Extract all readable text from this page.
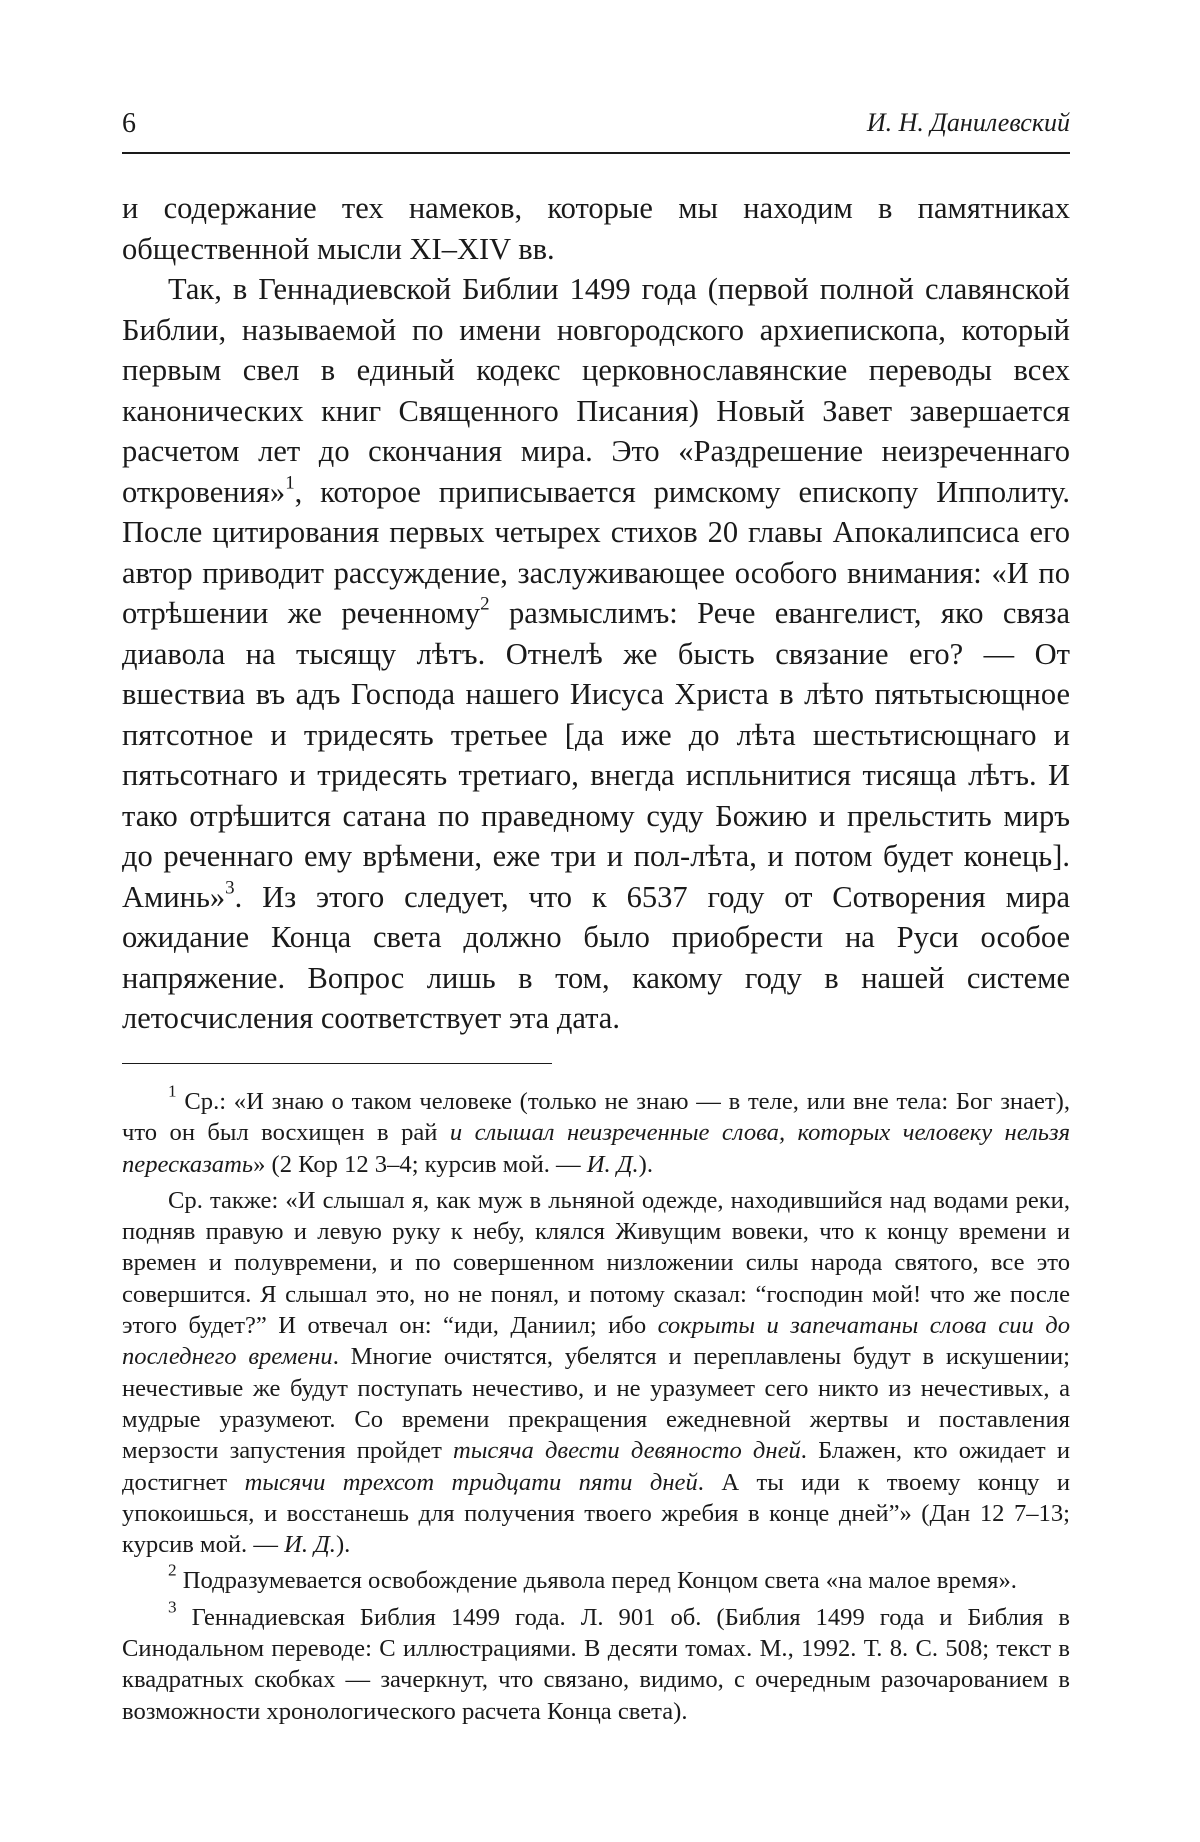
6	И. Н. Данилевский

и содержание тех намеков, которые мы находим в памятниках общественной мысли XI–XIV вв.

Так, в Геннадиевской Библии 1499 года (первой полной славянской Библии, называемой по имени новгородского архиепископа, который первым свел в единый кодекс церковнославянские переводы всех канонических книг Священного Писания) Новый Завет завершается расчетом лет до скончания мира. Это «Раздрешение неизреченнаго откровения»$^1$, которое приписывается римскому епископу Ипполиту. После цитирования первых четырех стихов 20 главы Апокалипсиса его автор приводит рассуждение, заслуживающее особого внимания: «И по отрѣшении же реченному$^2$ размыслимъ: Рече евангелист, яко связа диавола на тысящу лѣтъ. Отнелѣ же бысть связание его? — От вшествиа въ адъ Господа нашего Иисуса Христа в лѣто пятьтысющное пятсотное и тридесять третьее [да иже до лѣта шестьтисющнаго и пятьсотнаго и тридесять третиаго, внегда испльнитися тисяща лѣтъ. И тако отрѣшится сатана по праведному суду Божию и прельстить миръ до реченнаго ему врѣмени, еже три и пол-лѣта, и потом будет конець]. Аминь»$^3$. Из этого следует, что к 6537 году от Сотворения мира ожидание Конца света должно было приобрести на Руси особое напряжение. Вопрос лишь в том, какому году в нашей системе летосчисления соответствует эта дата.

$^1$ Ср.: «И знаю о таком человеке (только не знаю — в теле, или вне тела: Бог знает), что он был восхищен в рай и слышал неизреченные слова, которых человеку нельзя пересказать» (2 Кор 12 3–4; курсив мой. — И. Д.).

Ср. также: «И слышал я, как муж в льняной одежде, находившийся над водами реки, подняв правую и левую руку к небу, клялся Живущим вовеки, что к концу времени и времен и полувремени, и по совершенном низложении силы народа святого, все это совершится. Я слышал это, но не понял, и потому сказал: “господин мой! что же после этого будет?” И отвечал он: “иди, Даниил; ибо сокрыты и запечатаны слова сии до последнего времени. Многие очистятся, убелятся и переплавлены будут в искушении; нечестивые же будут поступать нечестиво, и не уразумеет сего никто из нечестивых, а мудрые уразумеют. Со времени прекращения ежедневной жертвы и поставления мерзости запустения пройдет тысяча двести девяносто дней. Блажен, кто ожидает и достигнет тысячи трехсот тридцати пяти дней. А ты иди к твоему концу и упокоишься, и восстанешь для получения твоего жребия в конце дней”» (Дан 12 7–13; курсив мой. — И. Д.).

$^2$ Подразумевается освобождение дьявола перед Концом света «на малое время».

$^3$ Геннадиевская Библия 1499 года. Л. 901 об. (Библия 1499 года и Библия в Синодальном переводе: С иллюстрациями. В десяти томах. М., 1992. Т. 8. С. 508; текст в квадратных скобках — зачеркнут, что связано, видимо, с очередным разочарованием в возможности хронологического расчета Конца света).
